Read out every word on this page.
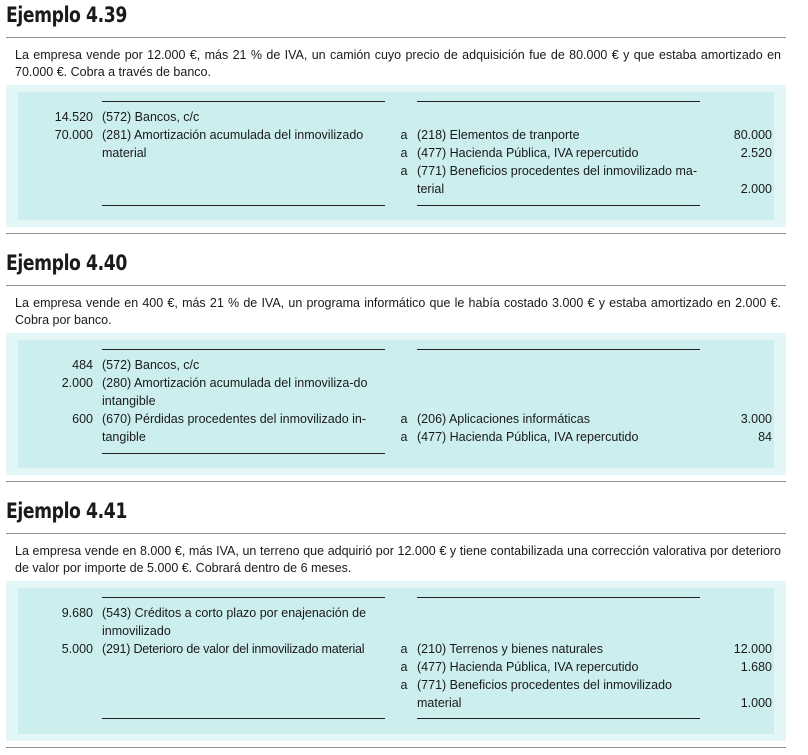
Ejemplo 4.39
La empresa vende por 12.000 €, más 21 % de IVA, un camión cuyo precio de adquisición fue de 80.000 € y que estaba amortizado en 70.000 €. Cobra a través de banco.
14.520 (572) Bancos, c/c
70.000 (281) Amortización acumulada del inmovilizado	a (218) Elementos de tranporte	80.000
material	a (477) Hacienda Pública, IVA repercutido	2.520
a (771) Beneficios procedentes del inmovilizado ma-
terial	2.000
Ejemplo 4.40
La empresa vende en 400 €, más 21 % de IVA, un programa informático que le había costado 3.000 € y estaba amortizado en 2.000 €. Cobra por banco.
484 (572) Bancos, c/c
2.000 (280) Amortización acumulada del inmoviliza-do
intangible
600 (670) Pérdidas procedentes del inmovilizado in-	a (206) Aplicaciones informáticas	3.000
tangible	a (477) Hacienda Pública, IVA repercutido	84
Ejemplo 4.41
La empresa vende en 8.000 €, más IVA, un terreno que adquirió por 12.000 € y tiene contabilizada una corrección valorativa por deterioro de valor por importe de 5.000 €. Cobrará dentro de 6 meses.
9.680 (543) Créditos a corto plazo por enajenación de
inmovilizado
5.000 (291) Deterioro de valor del inmovilizado material	a (210) Terrenos y bienes naturales	12.000
a (477) Hacienda Pública, IVA repercutido	1.680
a (771) Beneficios procedentes del inmovilizado
material	1.000
